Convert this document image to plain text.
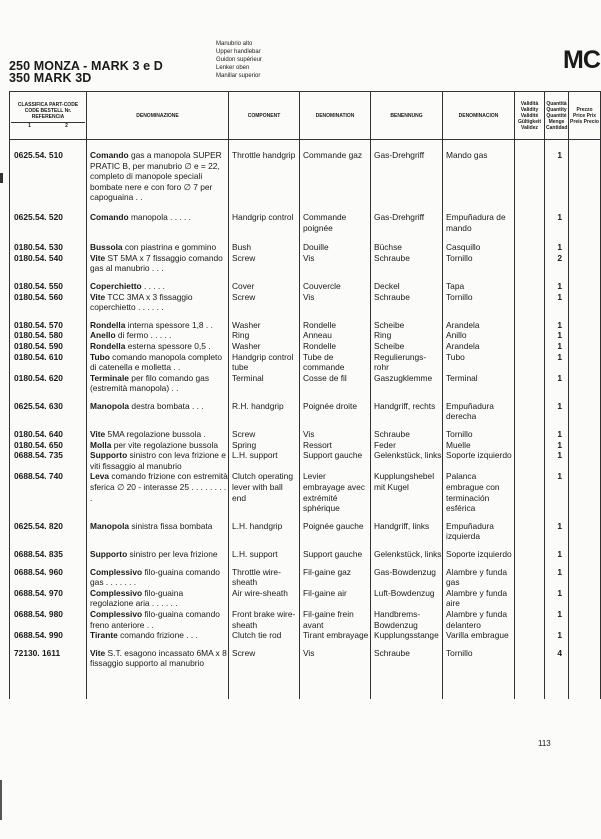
250 MONZA - MARK 3 e D
350 MARK 3D
Manubrio alto
Upper handlebar
Guidon supérieur
Lenker oben
Manillar superior
MC
CLASSIFICA PART-CODE CODE BESTELL Nr. REFERENCIA
1 2	DENOMINAZIONE	COMPONENT	DENOMINATION	BENENNUNG	DENOMINACION	Validità Validity Validité Gültigkeit Validez	Quantità Quantity Quantité Menge Cantidad	Prezzo Price Prix Preis Precio

0625.54. 510	Comando gas a manopola SUPER PRATIC B, per manubrio ∅ e = 22, completo di manopole speciali bombate nere e con foro ∅ 7 per capoguaina . .	Throttle handgrip	Commande gaz	Gas-Drehgriff	Mando gas		1	

0625.54. 520	Comando manopola . . . . .	Handgrip control	Commande poignée	Gas-Drehgriff	Empuñadura de mando		1	

0180.54. 530	Bussola con piastrina e gommino	Bush	Douille	Büchse	Casquillo		1	
0180.54. 540	Vite ST 5MA x 7 fissaggio comando gas al manubrio . . .	Screw	Vis	Schraube	Tornillo		2	

0180.54. 550	Coperchietto . . . . .	Cover	Couvercle	Deckel	Tapa		1	
0180.54. 560	Vite TCC 3MA x 3 fissaggio coperchietto . . . . . .	Screw	Vis	Schraube	Tornillo		1	

0180.54. 570	Rondella interna spessore 1,8 . .	Washer	Rondelle	Scheibe	Arandela		1	
0180.54. 580	Anello di fermo . . . . .	Ring	Anneau	Ring	Anillo		1	
0180.54. 590	Rondella esterna spessore 0,5 .	Washer	Rondelle	Scheibe	Arandela		1	
0180.54. 610	Tubo comando manopola completo di catenella e molletta . .	Handgrip control tube	Tube de commande	Regulierungs- rohr	Tubo		1	
0180.54. 620	Terminale per filo comando gas (estremità manopola) . .	Terminal	Cosse de fil	Gaszugklemme	Terminal		1	

0625.54. 630	Manopola destra bombata . . .	R.H. handgrip	Poignée droite	Handgriff, rechts	Empuñadura derecha		1	

0180.54. 640	Vite 5MA regolazione bussola .	Screw	Vis	Schraube	Tornillo		1	
0180.54. 650	Molla per vite regolazione bussola	Spring	Ressort	Feder	Muelle		1	
0688.54. 735	Supporto sinistro con leva frizione e viti fissaggio al manubrio	L.H. support	Support gauche	Gelenkstück, links	Soporte izquierdo		1	
0688.54. 740	Leva comando frizione con estremità sferica ∅ 20 - interasse 25 . . . . . . . . .	Clutch operating lever with ball end	Levier embrayage avec extrémité sphérique	Kupplungshebel mit Kugel	Palanca embrague con terminación esférica		1	

0625.54. 820	Manopola sinistra fissa bombata	L.H. handgrip	Poignée gauche	Handgriff, links	Empuñadura izquierda		1	

0688.54. 835	Supporto sinistro per leva frizione	L.H. support	Support gauche	Gelenkstück, links	Soporte izquierdo		1	

0688.54. 960	Complessivo filo-guaina comando gas . . . . . . .	Throttle wire-sheath	Fil-gaine gaz	Gas-Bowdenzug	Alambre y funda gas		1	
0688.54. 970	Complessivo filo-guaina regolazione aria . . . . . .	Air wire-sheath	Fil-gaine air	Luft-Bowdenzug	Alambre y funda aire		1	
0688.54. 980	Complessivo filo-guaina comando freno anteriore . .	Front brake wire-sheath	Fil-gaine frein avant	Handbrems- Bowdenzug	Alambre y funda delantero		1	
0688.54. 990	Tirante comando frizione . . .	Clutch tie rod	Tirant embrayage	Kupplungsstange	Varilla embrague		1	

72130. 1611	Vite S.T. esagono incassato 6MA x 8 fissaggio supporto al manubrio	Screw	Vis	Schraube	Tornillo		4	

113
